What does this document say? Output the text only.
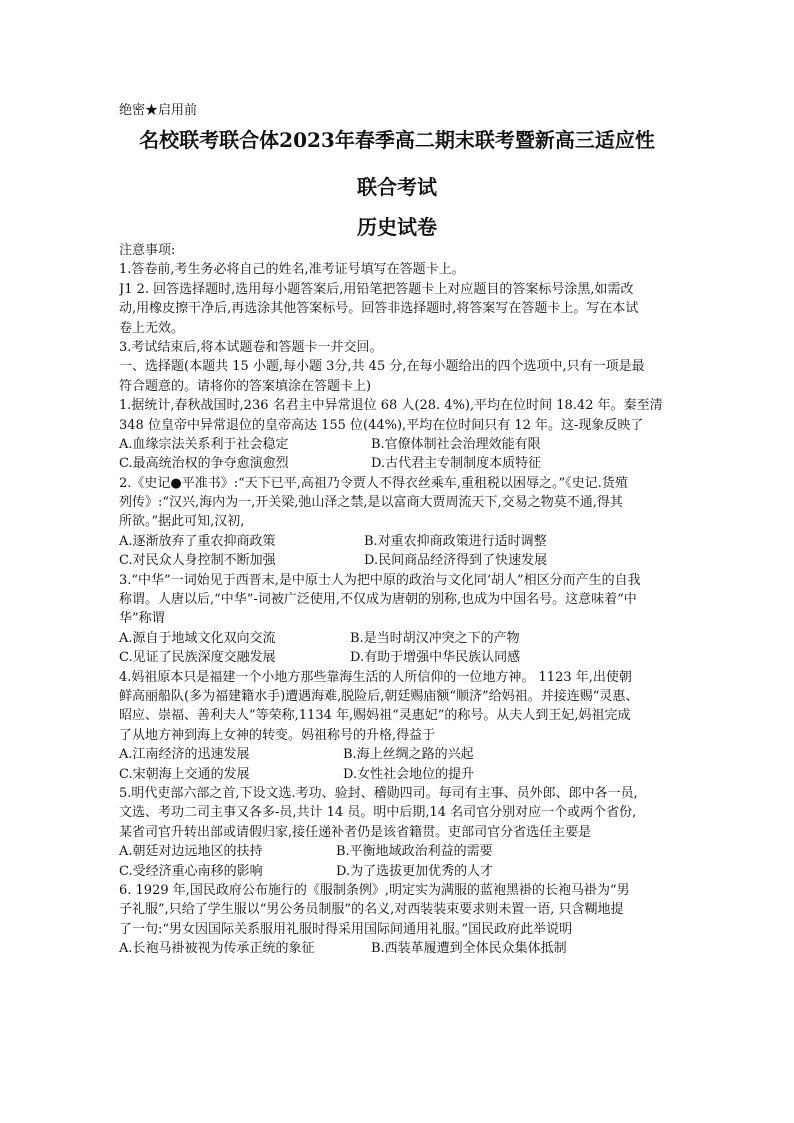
绝密★启用前
名校联考联合体2023年春季高二期末联考暨新高三适应性
联合考试
历史试卷
注意事项:
1.答卷前,考生务必将自己的姓名,准考证号填写在答题卡上。
J1 2. 回答选择题时,选用每小题答案后,用铅笔把答题卡上对应题目的答案标号涂黑,如需改
动,用橡皮擦干净后,再选涂其他答案标号。回答非选择题时,将答案写在答题卡上。写在本试
卷上无效。
3.考试结束后,将本试题卷和答题卡一并交回。
一、选择题(本题共 15 小题,每小题 3分,共 45 分,在每小题给出的四个选项中,只有一项是最
符合题意的。请将你的答案填涂在答题卡上)
1.据统计,春秋战国时,236 名君主中异常退位 68 人(28. 4%),平均在位时间 18.42 年。秦至清
348 位皇帝中异常退位的皇帝高达 155 位(44%),平均在位时间只有 12 年。这-现象反映了
A.血缘宗法关系利于社会稳定	B.官僚体制社会治理效能有限
C.最高统治权的争夺愈演愈烈	D.古代君主专制制度本质特征
2.《史记●平准书》:“天下已平,高祖乃令贾人不得衣丝乘车,重租税以困辱之。”《史记.货殖
列传》:“汉兴,海内为一,开关梁,弛山泽之禁,是以富商大贾周流天下,交易之物莫不通,得其
所欲。”据此可知,汉初,
A.逐渐放弃了重农抑商政策	B.对重农抑商政策进行适时调整
C.对民众人身控制不断加强	D.民间商品经济得到了快速发展
3.“中华”一词始见于西晋末,是中原士人为把中原的政治与文化同‘胡人”相区分而产生的自我
称谓。人唐以后,“中华”-词被广泛使用,不仅成为唐朝的别称,也成为中国名号。这意味着“中
华”称谓
A.源自于地域文化双向交流	B.是当时胡汉冲突之下的产物
C.见证了民族深度交融发展	D.有助于增强中华民族认同感
4.妈祖原本只是福建一个小地方那些靠海生活的人所信仰的一位地方神。 1123 年,出使朝
鲜高丽船队(多为福建籍水手)遭遇海难,脱险后,朝廷赐庙额“顺济”给妈祖。并接连赐“灵惠、
昭应、崇福、善利夫人”等荣称,1134 年,赐妈祖“灵惠妃”的称号。从夫人到王妃,妈祖完成
了从地方神到海上女神的转变。妈祖称号的升格,得益于
A.江南经济的迅速发展	B.海上丝绸之路的兴起
C.宋朝海上交通的发展	D.女性社会地位的提升
5.明代吏部六部之首,下设文选.考功、验封、稽勋四司。每司有主事、员外郎、郎中各一员,
文选、考功二司主事又各多-员,共计 14 员。明中后期,14 名司官分别对应一个或两个省份,
某省司官升转出部或请假归家,接任递补者仍是该省籍贯。吏部司官分省选任主要是
A.朝廷对边远地区的扶持	B.平衡地域政治利益的需要
C.受经济重心南移的影响	D.为了选拔更加优秀的人才
6. 1929 年,国民政府公布施行的《服制条例》,明定实为满服的蓝袍黑褂的长袍马褂为“男
子礼服”,只给了学生服以“男公务员制服”的名义,对西装装束要求则未置一语, 只含糊地提
了一句:“男女因国际关系服用礼服时得采用国际间通用礼服。”国民政府此举说明
A.长袍马褂被视为传承正统的象征	B.西装革履遭到全体民众集体抵制
